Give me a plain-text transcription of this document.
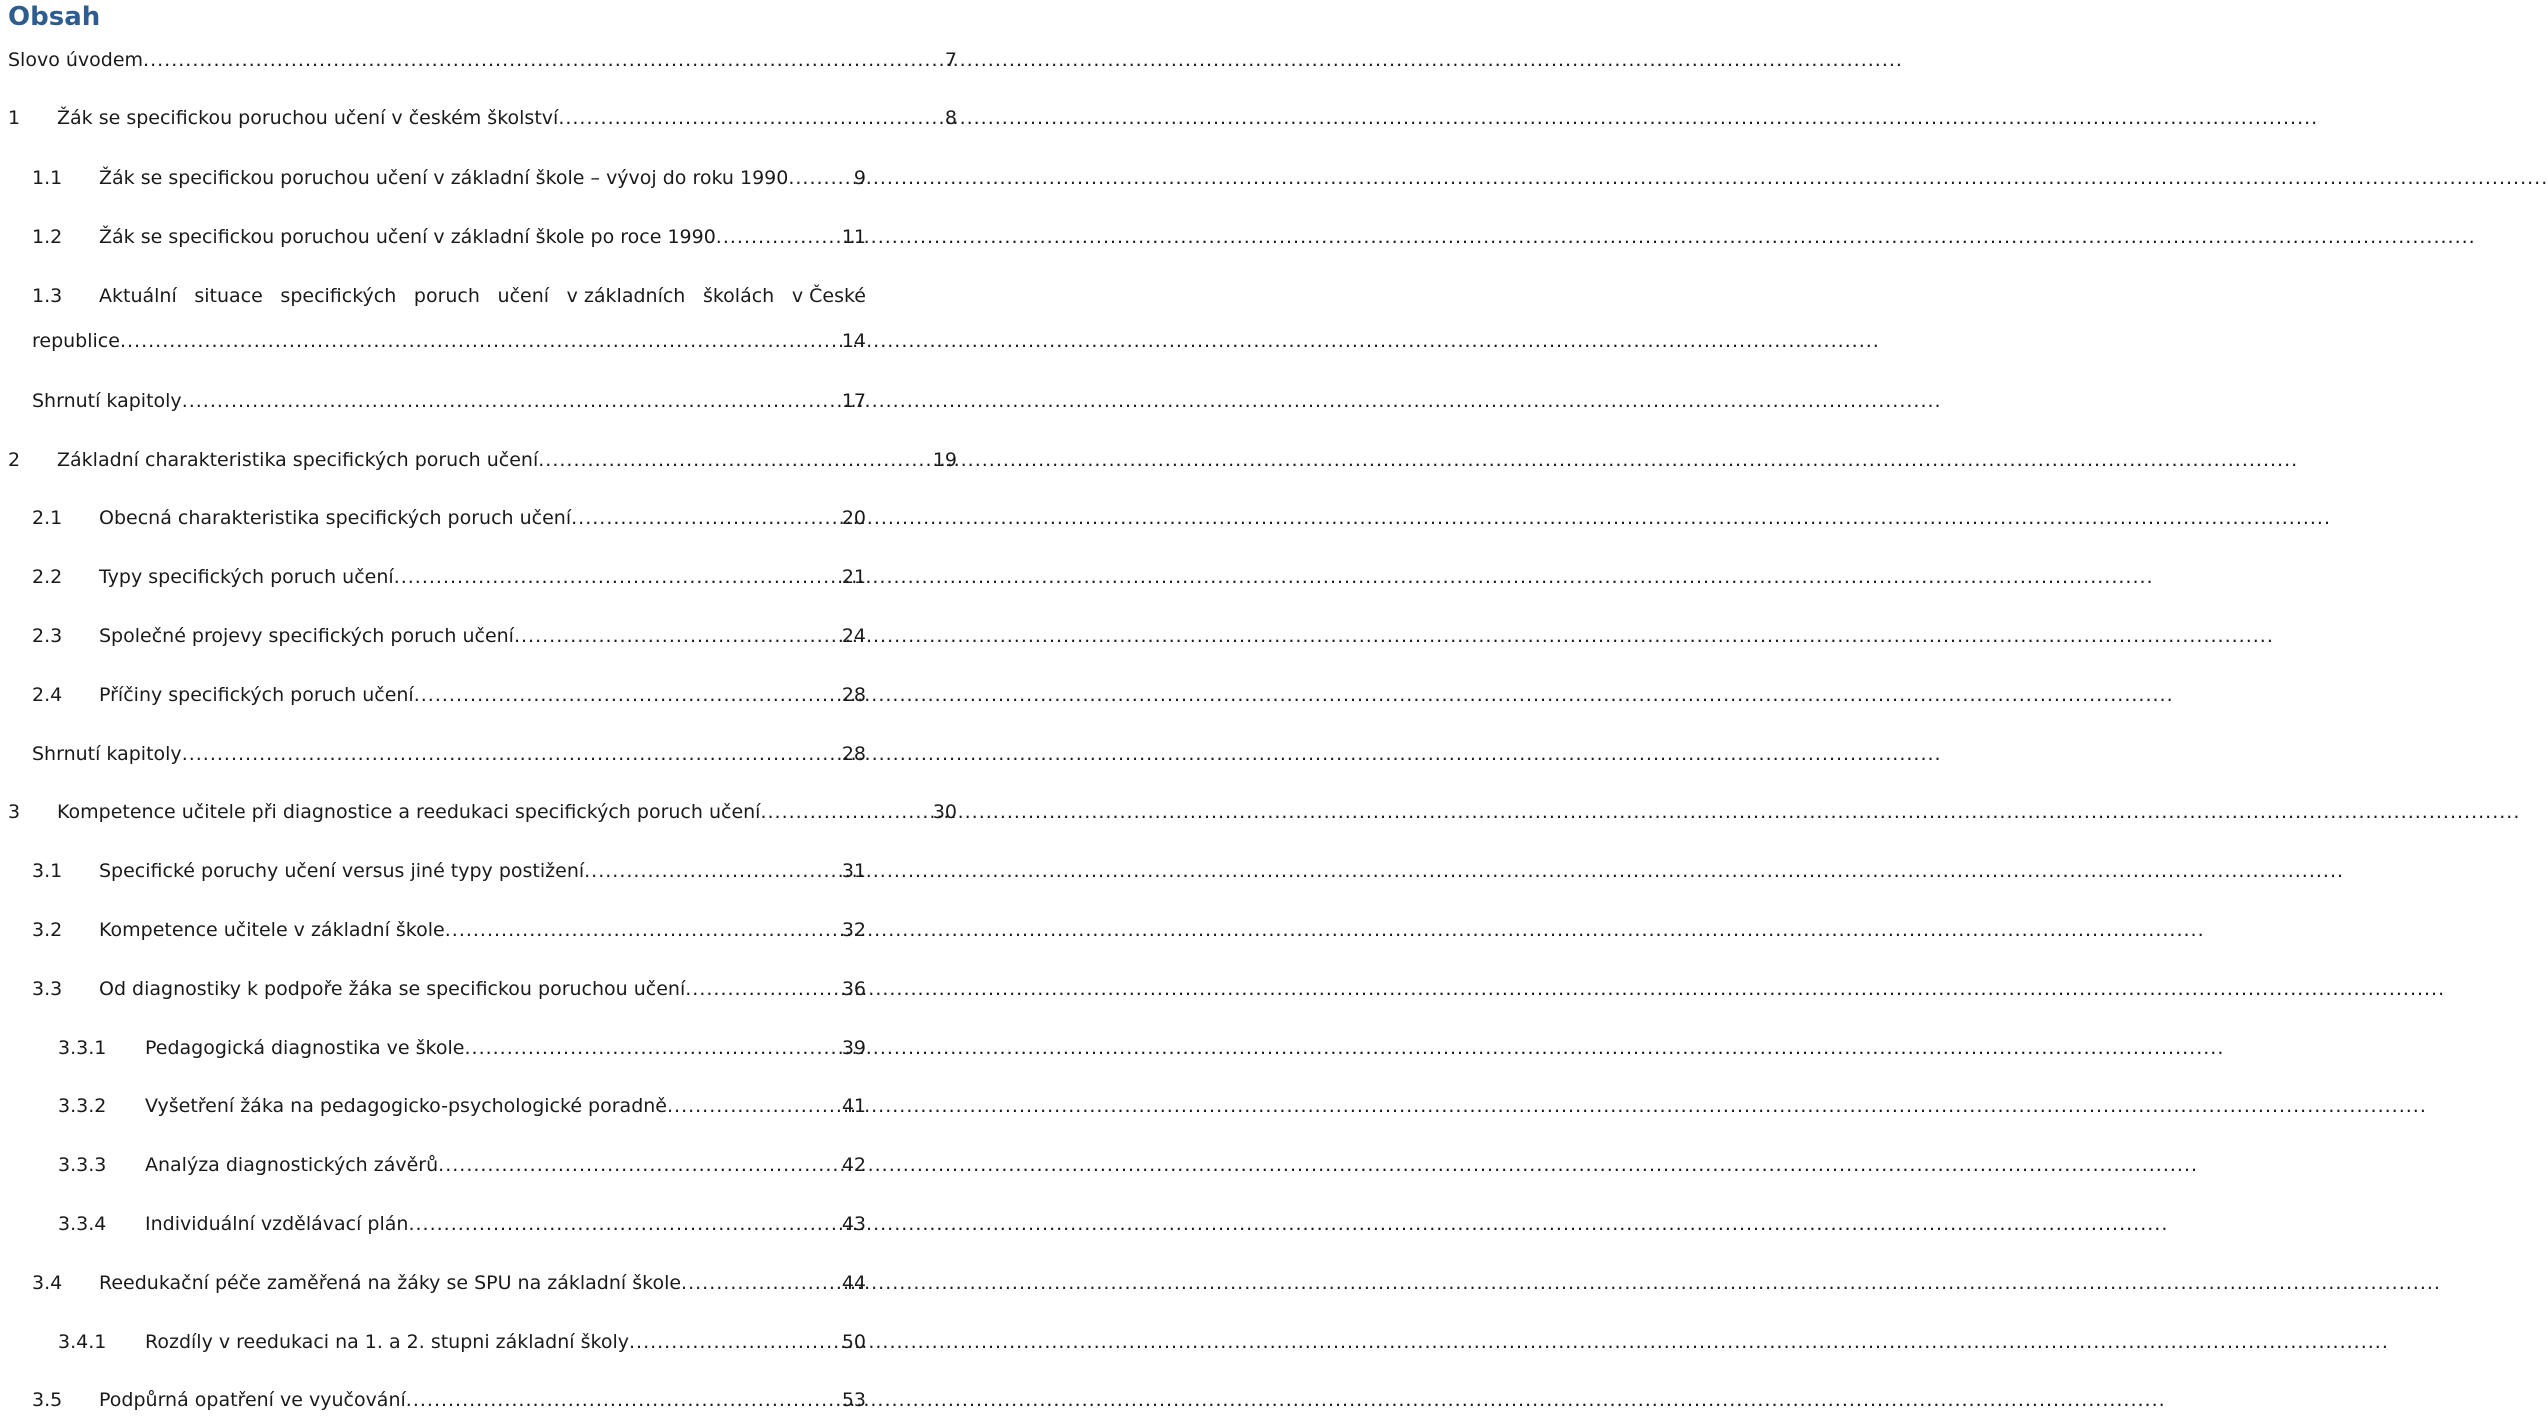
Obsah
Slovo úvodem .....	7
1	Žák se specifickou poruchou učení v českém školství .....	8
1.1	Žák se specifickou poruchou učení v základní škole – vývoj do roku 1990 .....	9
1.2	Žák se specifickou poruchou učení v základní škole po roce 1990 .....	11
1.3	Aktuální situace specifických poruch učení v základních školách v České
republice .....	14
Shrnutí kapitoly .....	17
2	Základní charakteristika specifických poruch učení .....	19
2.1	Obecná charakteristika specifických poruch učení .....	20
2.2	Typy specifických poruch učení .....	21
2.3	Společné projevy specifických poruch učení .....	24
2.4	Příčiny specifických poruch učení .....	28
Shrnutí kapitoly .....	28
3	Kompetence učitele při diagnostice a reedukaci specifických poruch učení .....	30
3.1	Specifické poruchy učení versus jiné typy postižení .....	31
3.2	Kompetence učitele v základní škole .....	32
3.3	Od diagnostiky k podpoře žáka se specifickou poruchou učení .....	36
3.3.1	Pedagogická diagnostika ve škole .....	39
3.3.2	Vyšetření žáka na pedagogicko-psychologické poradně .....	41
3.3.3	Analýza diagnostických závěrů .....	42
3.3.4	Individuální vzdělávací plán .....	43
3.4	Reedukační péče zaměřená na žáky se SPU na základní škole .....	44
3.4.1	Rozdíly v reedukaci na 1. a 2. stupni základní školy .....	50
3.5	Podpůrná opatření ve vyučování .....	53
